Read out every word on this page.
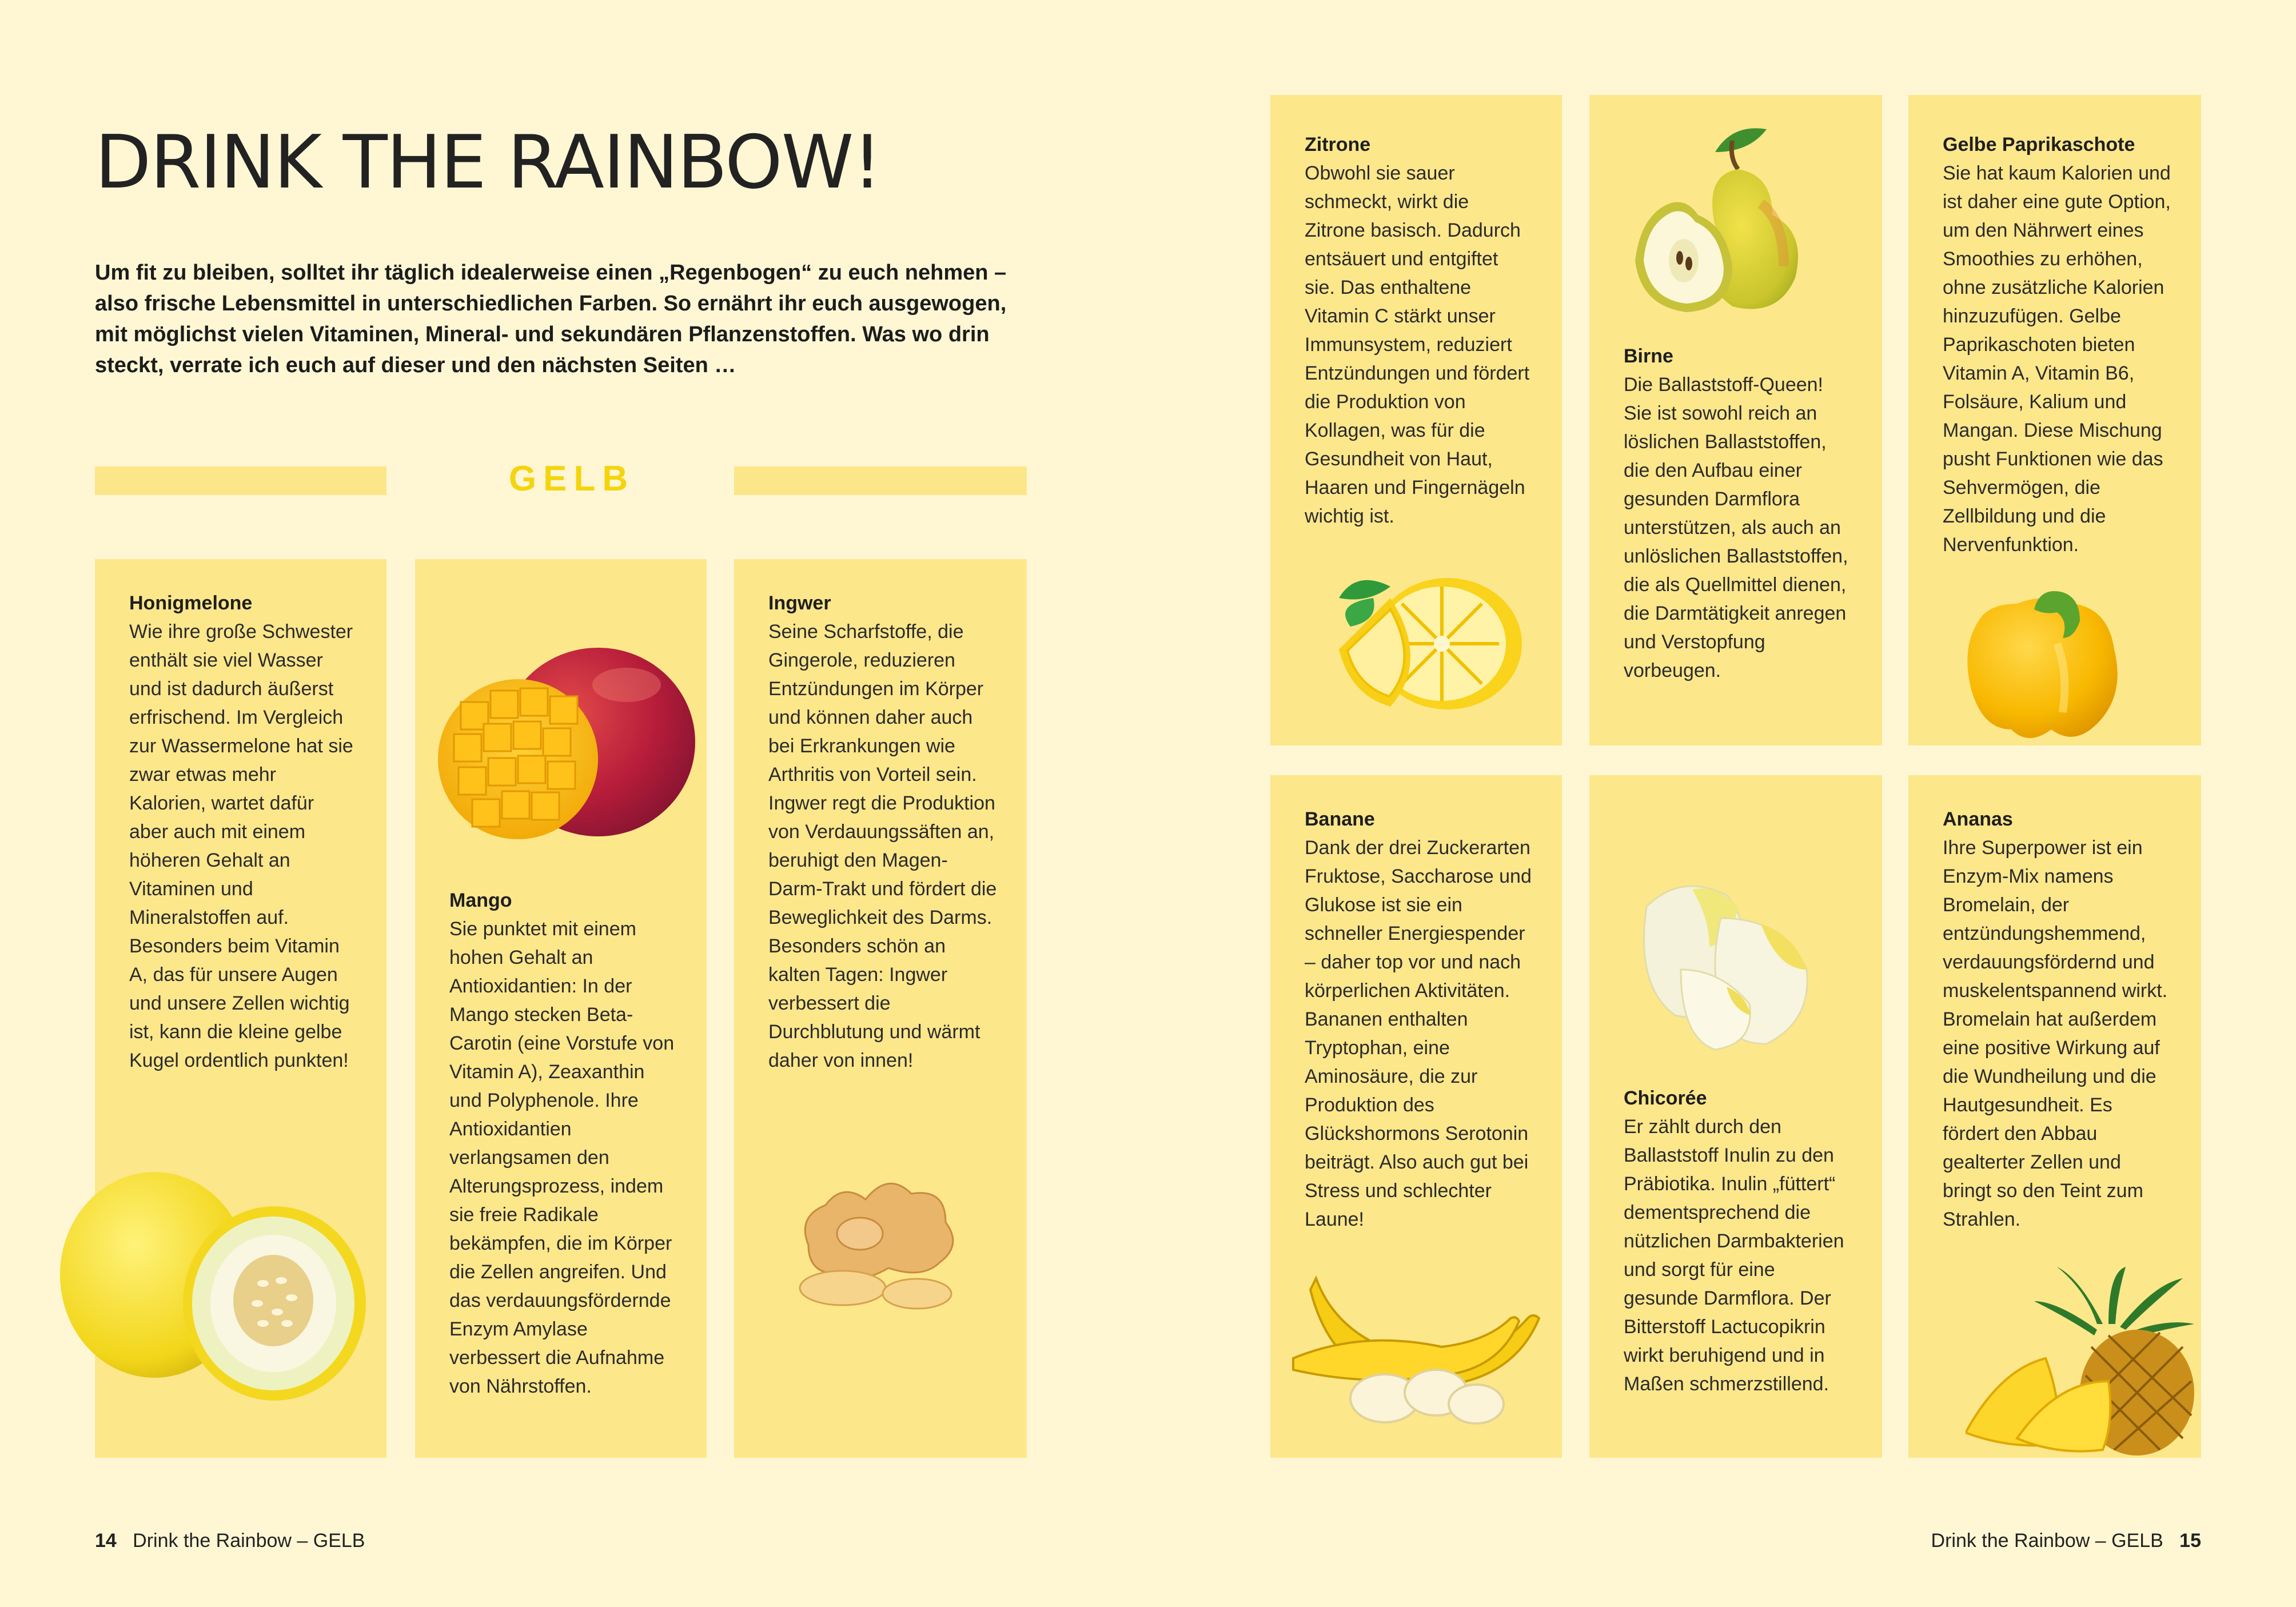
DRINK THE RAINBOW!

Um fit zu bleiben, solltet ihr täglich idealerweise einen „Regenbogen“ zu euch nehmen – also frische Lebensmittel in unterschiedlichen Farben. So ernährt ihr euch ausgewogen, mit möglichst vielen Vitaminen, Mineral- und sekundären Pflanzenstoffen. Was wo drin steckt, verrate ich euch auf dieser und den nächsten Seiten …

GELB

Honigmelone

Wie ihre große Schwester enthält sie viel Wasser und ist dadurch äußerst erfrischend. Im Vergleich zur Wassermelone hat sie zwar etwas mehr Kalorien, wartet dafür aber auch mit einem höheren Gehalt an Vitaminen und Mineralstoffen auf. Besonders beim Vitamin A, das für unsere Augen und unsere Zellen wichtig ist, kann die kleine gelbe Kugel ordentlich punkten!

Mango

Sie punktet mit einem hohen Gehalt an Antioxidantien: In der Mango stecken Beta-Carotin (eine Vorstufe von Vitamin A), Zeaxanthin und Polyphenole. Ihre Antioxidantien verlangsamen den Alterungsprozess, indem sie freie Radikale bekämpfen, die im Körper die Zellen angreifen. Und das verdauungsfördernde Enzym Amylase verbessert die Aufnahme von Nährstoffen.

Ingwer

Seine Scharfstoffe, die Gingerole, reduzieren Entzündungen im Körper und können daher auch bei Erkrankungen wie Arthritis von Vorteil sein. Ingwer regt die Produktion von Verdauungssäften an, beruhigt den Magen-Darm-Trakt und fördert die Beweglichkeit des Darms. Besonders schön an kalten Tagen: Ingwer verbessert die Durchblutung und wärmt daher von innen!

Zitrone

Obwohl sie sauer schmeckt, wirkt die Zitrone basisch. Dadurch entsäuert und entgiftet sie. Das enthaltene Vitamin C stärkt unser Immunsystem, reduziert Entzündungen und fördert die Produktion von Kollagen, was für die Gesundheit von Haut, Haaren und Fingernägeln wichtig ist.

Birne

Die Ballaststoff-Queen! Sie ist sowohl reich an löslichen Ballaststoffen, die den Aufbau einer gesunden Darmflora unterstützen, als auch an unlöslichen Ballaststoffen, die als Quellmittel dienen, die Darmtätigkeit anregen und Verstopfung vorbeugen.

Gelbe Paprikaschote

Sie hat kaum Kalorien und ist daher eine gute Option, um den Nährwert eines Smoothies zu erhöhen, ohne zusätzliche Kalorien hinzuzufügen. Gelbe Paprikaschoten bieten Vitamin A, Vitamin B6, Folsäure, Kalium und Mangan. Diese Mischung pusht Funktionen wie das Sehvermögen, die Zellbildung und die Nervenfunktion.

Banane

Dank der drei Zuckerarten Fruktose, Saccharose und Glukose ist sie ein schneller Energiespender – daher top vor und nach körperlichen Aktivitäten. Bananen enthalten Tryptophan, eine Aminosäure, die zur Produktion des Glückshormons Serotonin beiträgt. Also auch gut bei Stress und schlechter Laune!

Chicorée

Er zählt durch den Ballaststoff Inulin zu den Präbiotika. Inulin „füttert“ dementsprechend die nützlichen Darmbakterien und sorgt für eine gesunde Darmflora. Der Bitterstoff Lactucopikrin wirkt beruhigend und in Maßen schmerzstillend.

Ananas

Ihre Superpower ist ein Enzym-Mix namens Bromelain, der entzündungshemmend, verdauungsfördernd und muskelentspannend wirkt. Bromelain hat außerdem eine positive Wirkung auf die Wundheilung und die Hautgesundheit. Es fördert den Abbau gealterter Zellen und bringt so den Teint zum Strahlen.

14 Drink the Rainbow – GELB	Drink the Rainbow – GELB 15
